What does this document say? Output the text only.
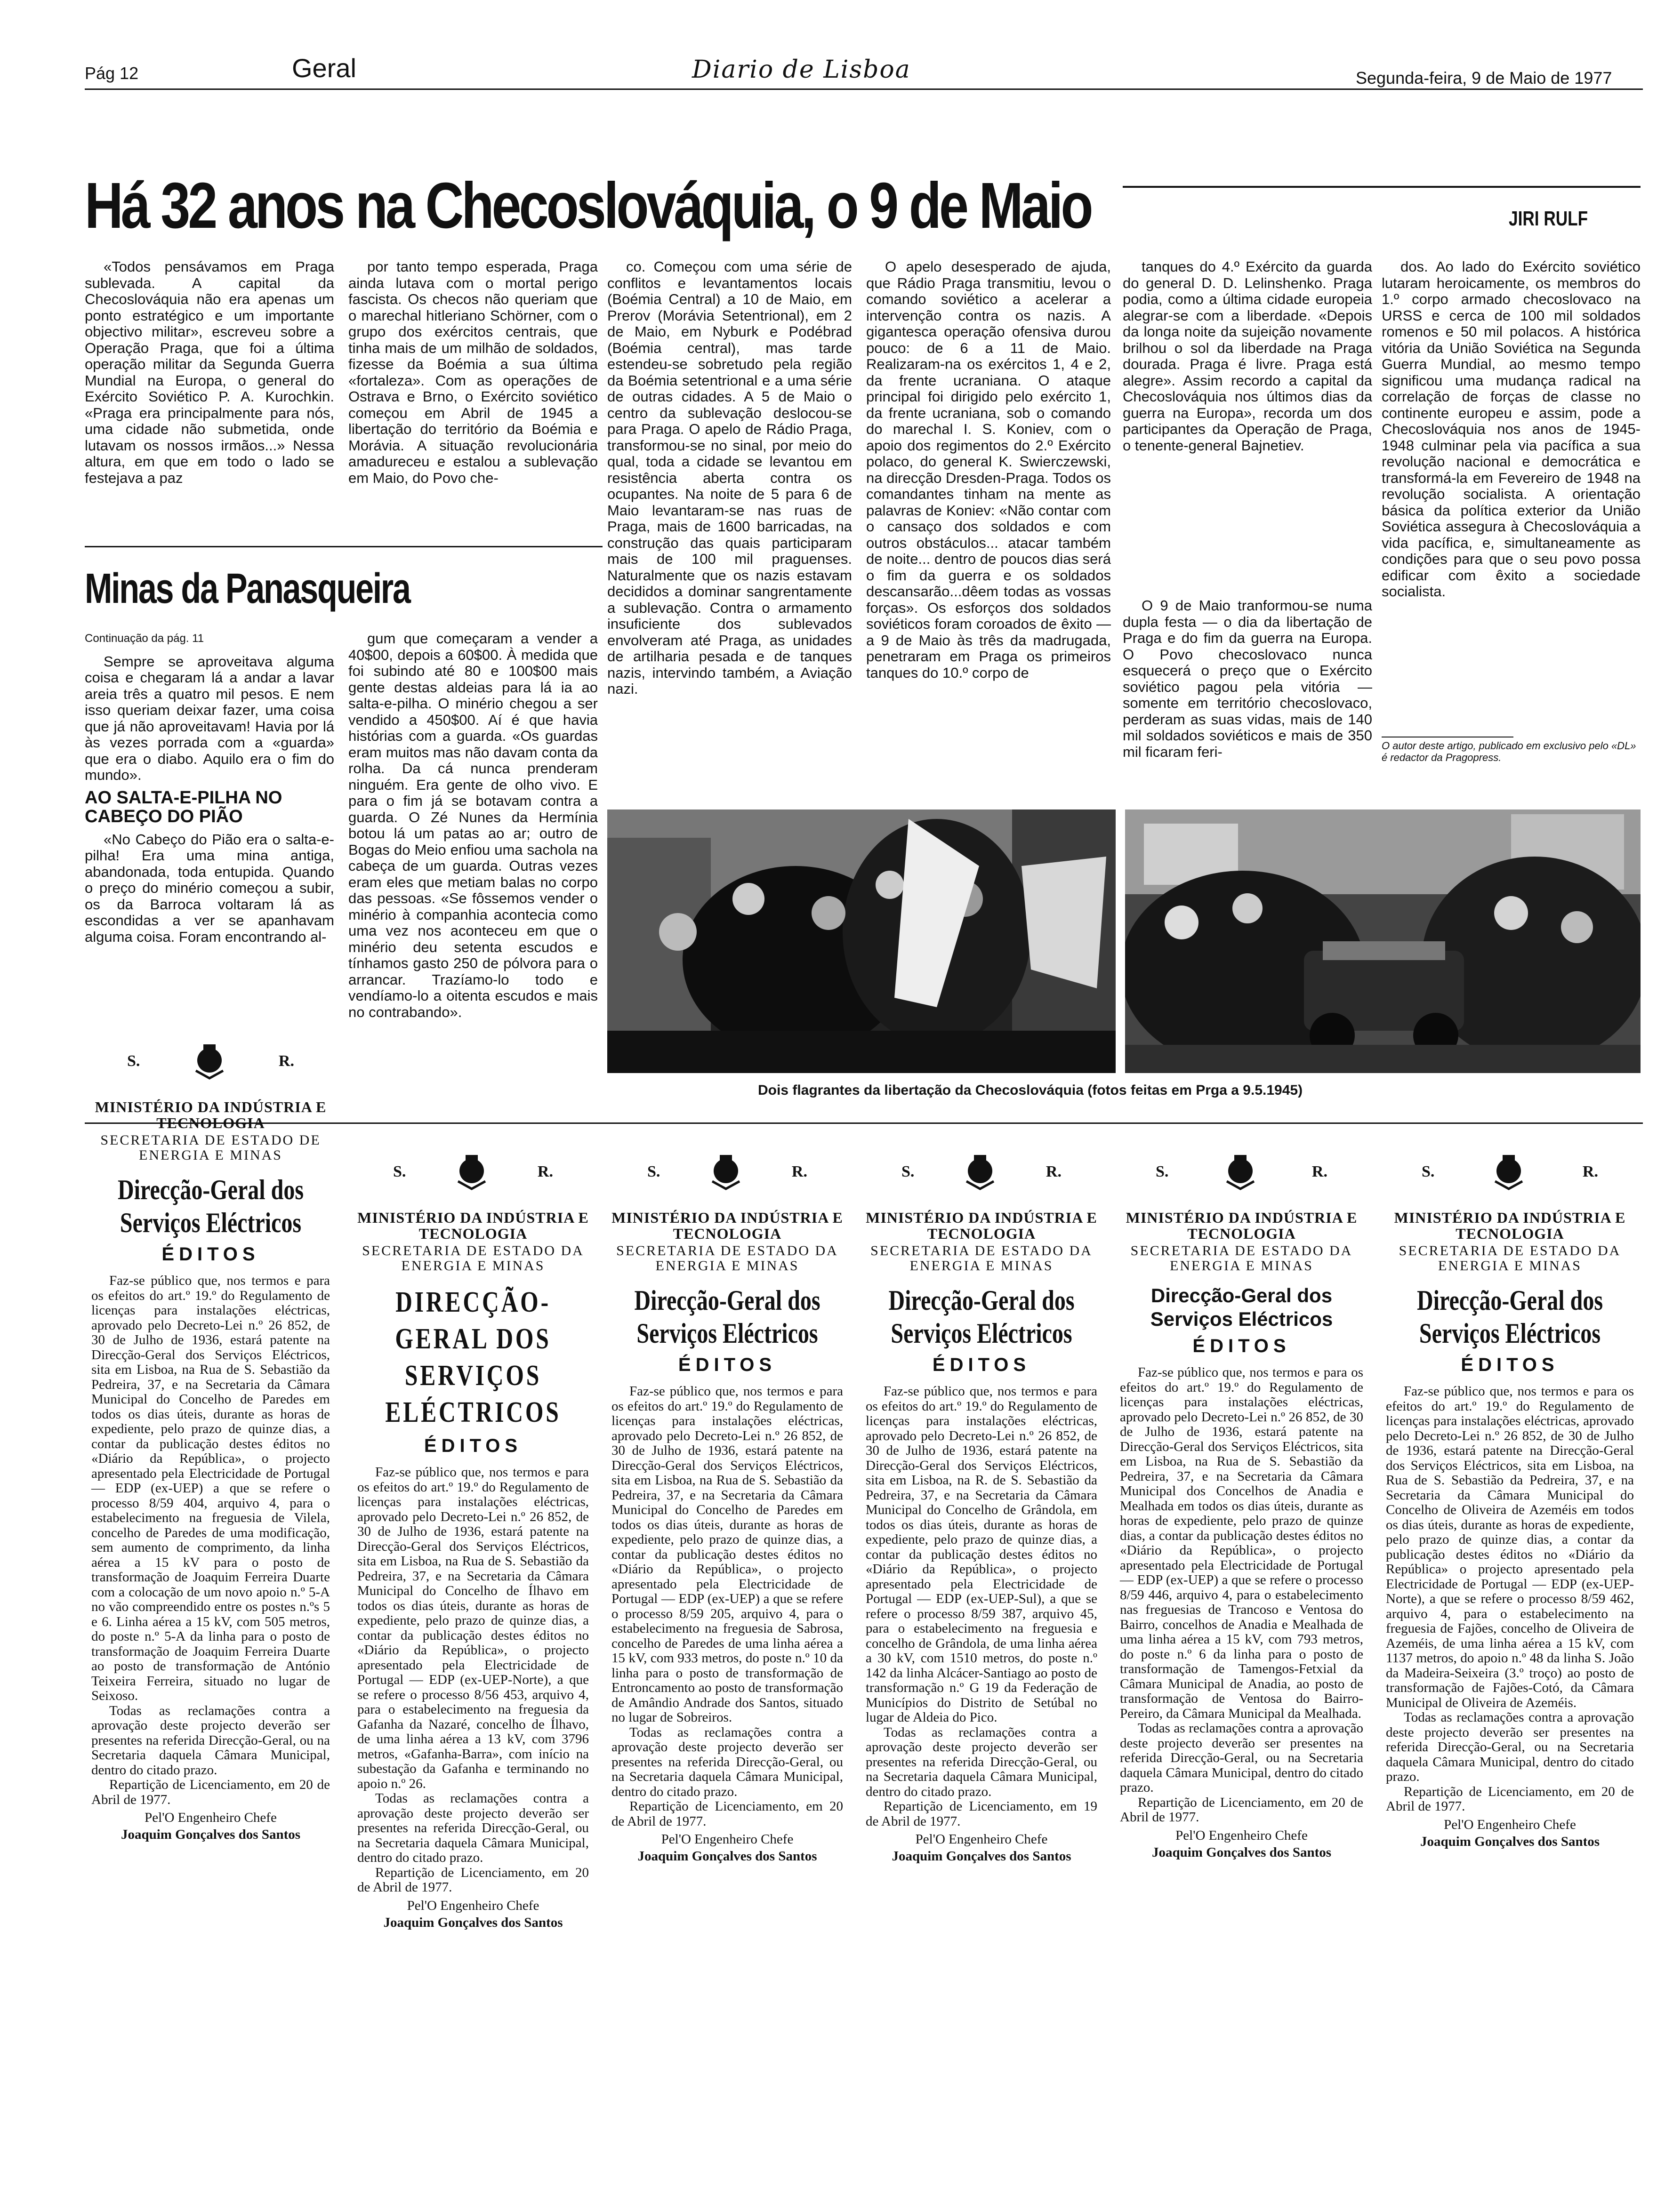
Pág 12	Geral	Diario de Lisboa	Segunda-feira, 9 de Maio de 1977
Há 32 anos na Checoslováquia, o 9 de Maio	JIRI RULF

«Todos pensávamos em Praga sublevada. A capital da Checoslováquia não era apenas um ponto estratégico e um importante objectivo militar», escreveu sobre a Operação Praga, que foi a última operação militar da Segunda Guerra Mundial na Europa, o general do Exército Soviético P. A. Kurochkin. «Praga era principalmente para nós, uma cidade não submetida, onde lutavam os nossos irmãos...» Nessa altura, em que em todo o lado se festejava a paz

por tanto tempo esperada, Praga ainda lutava com o mortal perigo fascista. Os checos não queriam que o marechal hitleriano Schörner, com o grupo dos exércitos centrais, que tinha mais de um milhão de soldados, fizesse da Boémia a sua última «fortaleza». Com as operações de Ostrava e Brno, o Exército soviético começou em Abril de 1945 a libertação do território da Boémia e Morávia. A situação revolucionária amadureceu e estalou a sublevação em Maio, do Povo che-

co. Começou com uma série de conflitos e levantamentos locais (Boémia Central) a 10 de Maio, em Prerov (Morávia Setentrional), em 2 de Maio, em Nyburk e Podébrad (Boémia central), mas tarde estendeu-se sobretudo pela região da Boémia setentrional e a uma série de outras cidades. A 5 de Maio o centro da sublevação deslocou-se para Praga. O apelo de Rádio Praga, transformou-se no sinal, por meio do qual, toda a cidade se levantou em resistência aberta contra os ocupantes. Na noite de 5 para 6 de Maio levantaram-se nas ruas de Praga, mais de 1600 barricadas, na construção das quais participaram mais de 100 mil praguenses. Naturalmente que os nazis estavam decididos a dominar sangrentamente a sublevação. Contra o armamento insuficiente dos sublevados envolveram até Praga, as unidades de artilharia pesada e de tanques nazis, intervindo também, a Aviação nazi.

O apelo desesperado de ajuda, que Rádio Praga transmitiu, levou o comando soviético a acelerar a intervenção contra os nazis. A gigantesca operação ofensiva durou pouco: de 6 a 11 de Maio. Realizaram-na os exércitos 1, 4 e 2, da frente ucraniana. O ataque principal foi dirigido pelo exército 1, da frente ucraniana, sob o comando do marechal I. S. Koniev, com o apoio dos regimentos do 2.º Exército polaco, do general K. Swierczewski, na direcção Dresden-Praga. Todos os comandantes tinham na mente as palavras de Koniev: «Não contar com o cansaço dos soldados e com outros obstáculos... atacar também de noite... dentro de poucos dias será o fim da guerra e os soldados descansarão...dêem todas as vossas forças». Os esforços dos soldados soviéticos foram coroados de êxito — a 9 de Maio às três da madrugada, penetraram em Praga os primeiros tanques do 10.º corpo de

tanques do 4.º Exército da guarda do general D. D. Lelinshenko. Praga podia, como a última cidade europeia alegrar-se com a liberdade. «Depois da longa noite da sujeição novamente brilhou o sol da liberdade na Praga dourada. Praga é livre. Praga está alegre». Assim recordo a capital da Checoslováquia nos últimos dias da guerra na Europa», recorda um dos participantes da Operação de Praga, o tenente-general Bajnetiev.

O 9 de Maio tranformou-se numa dupla festa — o dia da libertação de Praga e do fim da guerra na Europa. O Povo checoslovaco nunca esquecerá o preço que o Exército soviético pagou pela vitória — somente em território checoslovaco, perderam as suas vidas, mais de 140 mil soldados soviéticos e mais de 350 mil ficaram feri-

dos. Ao lado do Exército soviético lutaram heroicamente, os membros do 1.º corpo armado checoslovaco na URSS e cerca de 100 mil soldados romenos e 50 mil polacos. A histórica vitória da União Soviética na Segunda Guerra Mundial, ao mesmo tempo significou uma mudança radical na correlação de forças de classe no continente europeu e assim, pode a Checoslováquia nos anos de 1945-1948 culminar pela via pacífica a sua revolução nacional e democrática e transformá-la em Fevereiro de 1948 na revolução socialista. A orientação básica da política exterior da União Soviética assegura à Checoslováquia a vida pacífica, e, simultaneamente as condições para que o seu povo possa edificar com êxito a sociedade socialista.

O autor deste artigo, publicado em exclusivo pelo «DL» é redactor da Pragopress.
Dois flagrantes da libertação da Checoslováquia (fotos feitas em Prga a 9.5.1945)
Minas da Panasqueira
Continuação da pág. 11

Sempre se aproveitava alguma coisa e chegaram lá a andar a lavar areia três a quatro mil pesos. E nem isso queriam deixar fazer, uma coisa que já não aproveitavam! Havia por lá às vezes porrada com a «guarda» que era o diabo. Aquilo era o fim do mundo».

AO SALTA-E-PILHA NO CABEÇO DO PIÃO

«No Cabeço do Pião era o salta-e-pilha! Era uma mina antiga, abandonada, toda entupida. Quando o preço do minério começou a subir, os da Barroca voltaram lá as escondidas a ver se apanhavam alguma coisa. Foram encontrando al-

gum que começaram a vender a 40$00, depois a 60$00. À medida que foi subindo até 80 e 100$00 mais gente destas aldeias para lá ia ao salta-e-pilha. O minério chegou a ser vendido a 450$00. Aí é que havia histórias com a guarda. «Os guardas eram muitos mas não davam conta da rolha. Da cá nunca prenderam ninguém. Era gente de olho vivo. E para o fim já se botavam contra a guarda. O Zé Nunes da Hermínia botou lá um patas ao ar; outro de Bogas do Meio enfiou uma sachola na cabeça de um guarda. Outras vezes eram eles que metiam balas no corpo das pessoas. «Se fôssemos vender o minério à companhia acontecia como uma vez nos aconteceu em que o minério deu setenta escudos e tínhamos gasto 250 de pólvora para o arrancar. Trazíamo-lo todo e vendíamo-lo a oitenta escudos e mais no contrabando».

S.	R.
MINISTÉRIO DA INDÚSTRIA E TECNOLOGIA
SECRETARIA DE ESTADO DE ENERGIA E MINAS
Direcção-Geral dos Serviços Eléctricos
ÉDITOS

Faz-se público que, nos termos e para os efeitos do art.º 19.º do Regulamento de licenças para instalações eléctricas, aprovado pelo Decreto-Lei n.º 26 852, de 30 de Julho de 1936, estará patente na Direcção-Geral dos Serviços Eléctricos, sita em Lisboa, na Rua de S. Sebastião da Pedreira, 37, e na Secretaria da Câmara Municipal do Concelho de Paredes em todos os dias úteis, durante as horas de expediente, pelo prazo de quinze dias, a contar da publicação destes éditos no «Diário da República», o projecto apresentado pela Electricidade de Portugal — EDP (ex-UEP) a que se refere o processo 8/59 404, arquivo 4, para o estabelecimento na freguesia de Vilela, concelho de Paredes de uma modificação, sem aumento de comprimento, da linha aérea a 15 kV para o posto de transformação de Joaquim Ferreira Duarte com a colocação de um novo apoio n.º 5-A no vão compreendido entre os postes n.ºs 5 e 6. Linha aérea a 15 kV, com 505 metros, do poste n.º 5-A da linha para o posto de transformação de Joaquim Ferreira Duarte ao posto de transformação de António Teixeira Ferreira, situado no lugar de Seixoso.

Todas as reclamações contra a aprovação deste projecto deverão ser presentes na referida Direcção-Geral, ou na Secretaria daquela Câmara Municipal, dentro do citado prazo.

Repartição de Licenciamento, em 20 de Abril de 1977.

Pel'O Engenheiro Chefe
Joaquim Gonçalves dos Santos
S.	R.
MINISTÉRIO DA INDÚSTRIA E TECNOLOGIA
SECRETARIA DE ESTADO DA ENERGIA E MINAS
DIRECÇÃO-GERAL DOS SERVIÇOS ELÉCTRICOS
ÉDITOS

Faz-se público que, nos termos e para os efeitos do art.º 19.º do Regulamento de licenças para instalações eléctricas, aprovado pelo Decreto-Lei n.º 26 852, de 30 de Julho de 1936, estará patente na Direcção-Geral dos Serviços Eléctricos, sita em Lisboa, na Rua de S. Sebastião da Pedreira, 37, e na Secretaria da Câmara Municipal do Concelho de Ílhavo em todos os dias úteis, durante as horas de expediente, pelo prazo de quinze dias, a contar da publicação destes éditos no «Diário da República», o projecto apresentado pela Electricidade de Portugal — EDP (ex-UEP-Norte), a que se refere o processo 8/56 453, arquivo 4, para o estabelecimento na freguesia da Gafanha da Nazaré, concelho de Ílhavo, de uma linha aérea a 13 kV, com 3796 metros, «Gafanha-Barra», com início na subestação da Gafanha e terminando no apoio n.º 26.

Todas as reclamações contra a aprovação deste projecto deverão ser presentes na referida Direcção-Geral, ou na Secretaria daquela Câmara Municipal, dentro do citado prazo.

Repartição de Licenciamento, em 20 de Abril de 1977.

Pel'O Engenheiro Chefe
Joaquim Gonçalves dos Santos
S.	R.
MINISTÉRIO DA INDÚSTRIA E TECNOLOGIA
SECRETARIA DE ESTADO DA ENERGIA E MINAS
Direcção-Geral dos Serviços Eléctricos
ÉDITOS

Faz-se público que, nos termos e para os efeitos do art.º 19.º do Regulamento de licenças para instalações eléctricas, aprovado pelo Decreto-Lei n.º 26 852, de 30 de Julho de 1936, estará patente na Direcção-Geral dos Serviços Eléctricos, sita em Lisboa, na Rua de S. Sebastião da Pedreira, 37, e na Secretaria da Câmara Municipal do Concelho de Paredes em todos os dias úteis, durante as horas de expediente, pelo prazo de quinze dias, a contar da publicação destes éditos no «Diário da República», o projecto apresentado pela Electricidade de Portugal — EDP (ex-UEP) a que se refere o processo 8/59 205, arquivo 4, para o estabelecimento na freguesia de Sabrosa, concelho de Paredes de uma linha aérea a 15 kV, com 933 metros, do poste n.º 10 da linha para o posto de transformação de Entroncamento ao posto de transformação de Amândio Andrade dos Santos, situado no lugar de Sobreiros.

Todas as reclamações contra a aprovação deste projecto deverão ser presentes na referida Direcção-Geral, ou na Secretaria daquela Câmara Municipal, dentro do citado prazo.

Repartição de Licenciamento, em 20 de Abril de 1977.

Pel'O Engenheiro Chefe
Joaquim Gonçalves dos Santos
S.	R.
MINISTÉRIO DA INDÚSTRIA E TECNOLOGIA
SECRETARIA DE ESTADO DA ENERGIA E MINAS
Direcção-Geral dos Serviços Eléctricos
ÉDITOS

Faz-se público que, nos termos e para os efeitos do art.º 19.º do Regulamento de licenças para instalações eléctricas, aprovado pelo Decreto-Lei n.º 26 852, de 30 de Julho de 1936, estará patente na Direcção-Geral dos Serviços Eléctricos, sita em Lisboa, na R. de S. Sebastião da Pedreira, 37, e na Secretaria da Câmara Municipal do Concelho de Grândola, em todos os dias úteis, durante as horas de expediente, pelo prazo de quinze dias, a contar da publicação destes éditos no «Diário da República», o projecto apresentado pela Electricidade de Portugal — EDP (ex-UEP-Sul), a que se refere o processo 8/59 387, arquivo 45, para o estabelecimento na freguesia e concelho de Grândola, de uma linha aérea a 30 kV, com 1510 metros, do poste n.º 142 da linha Alcácer-Santiago ao posto de transformação n.º G 19 da Federação de Municípios do Distrito de Setúbal no lugar de Aldeia do Pico.

Todas as reclamações contra a aprovação deste projecto deverão ser presentes na referida Direcção-Geral, ou na Secretaria daquela Câmara Municipal, dentro do citado prazo.

Repartição de Licenciamento, em 19 de Abril de 1977.

Pel'O Engenheiro Chefe
Joaquim Gonçalves dos Santos
S.	R.
MINISTÉRIO DA INDÚSTRIA E TECNOLOGIA
SECRETARIA DE ESTADO DA ENERGIA E MINAS
Direcção-Geral dos Serviços Eléctricos
ÉDITOS

Faz-se público que, nos termos e para os efeitos do art.º 19.º do Regulamento de licenças para instalações eléctricas, aprovado pelo Decreto-Lei n.º 26 852, de 30 de Julho de 1936, estará patente na Direcção-Geral dos Serviços Eléctricos, sita em Lisboa, na Rua de S. Sebastião da Pedreira, 37, e na Secretaria da Câmara Municipal dos Concelhos de Anadia e Mealhada em todos os dias úteis, durante as horas de expediente, pelo prazo de quinze dias, a contar da publicação destes éditos no «Diário da República», o projecto apresentado pela Electricidade de Portugal — EDP (ex-UEP) a que se refere o processo 8/59 446, arquivo 4, para o estabelecimento nas freguesias de Trancoso e Ventosa do Bairro, concelhos de Anadia e Mealhada de uma linha aérea a 15 kV, com 793 metros, do poste n.º 6 da linha para o posto de transformação de Tamengos-Fetxial da Câmara Municipal de Anadia, ao posto de transformação de Ventosa do Bairro-Pereiro, da Câmara Municipal da Mealhada.

Todas as reclamações contra a aprovação deste projecto deverão ser presentes na referida Direcção-Geral, ou na Secretaria daquela Câmara Municipal, dentro do citado prazo.

Repartição de Licenciamento, em 20 de Abril de 1977.

Pel'O Engenheiro Chefe
Joaquim Gonçalves dos Santos
S.	R.
MINISTÉRIO DA INDÚSTRIA E TECNOLOGIA
SECRETARIA DE ESTADO DA ENERGIA E MINAS
Direcção-Geral dos Serviços Eléctricos
ÉDITOS

Faz-se público que, nos termos e para os efeitos do art.º 19.º do Regulamento de licenças para instalações eléctricas, aprovado pelo Decreto-Lei n.º 26 852, de 30 de Julho de 1936, estará patente na Direcção-Geral dos Serviços Eléctricos, sita em Lisboa, na Rua de S. Sebastião da Pedreira, 37, e na Secretaria da Câmara Municipal do Concelho de Oliveira de Azeméis em todos os dias úteis, durante as horas de expediente, pelo prazo de quinze dias, a contar da publicação destes éditos no «Diário da República» o projecto apresentado pela Electricidade de Portugal — EDP (ex-UEP-Norte), a que se refere o processo 8/59 462, arquivo 4, para o estabelecimento na freguesia de Fajões, concelho de Oliveira de Azeméis, de uma linha aérea a 15 kV, com 1137 metros, do apoio n.º 48 da linha S. João da Madeira-Seixeira (3.º troço) ao posto de transformação de Fajões-Cotó, da Câmara Municipal de Oliveira de Azeméis.

Todas as reclamações contra a aprovação deste projecto deverão ser presentes na referida Direcção-Geral, ou na Secretaria daquela Câmara Municipal, dentro do citado prazo.

Repartição de Licenciamento, em 20 de Abril de 1977.

Pel'O Engenheiro Chefe
Joaquim Gonçalves dos Santos
